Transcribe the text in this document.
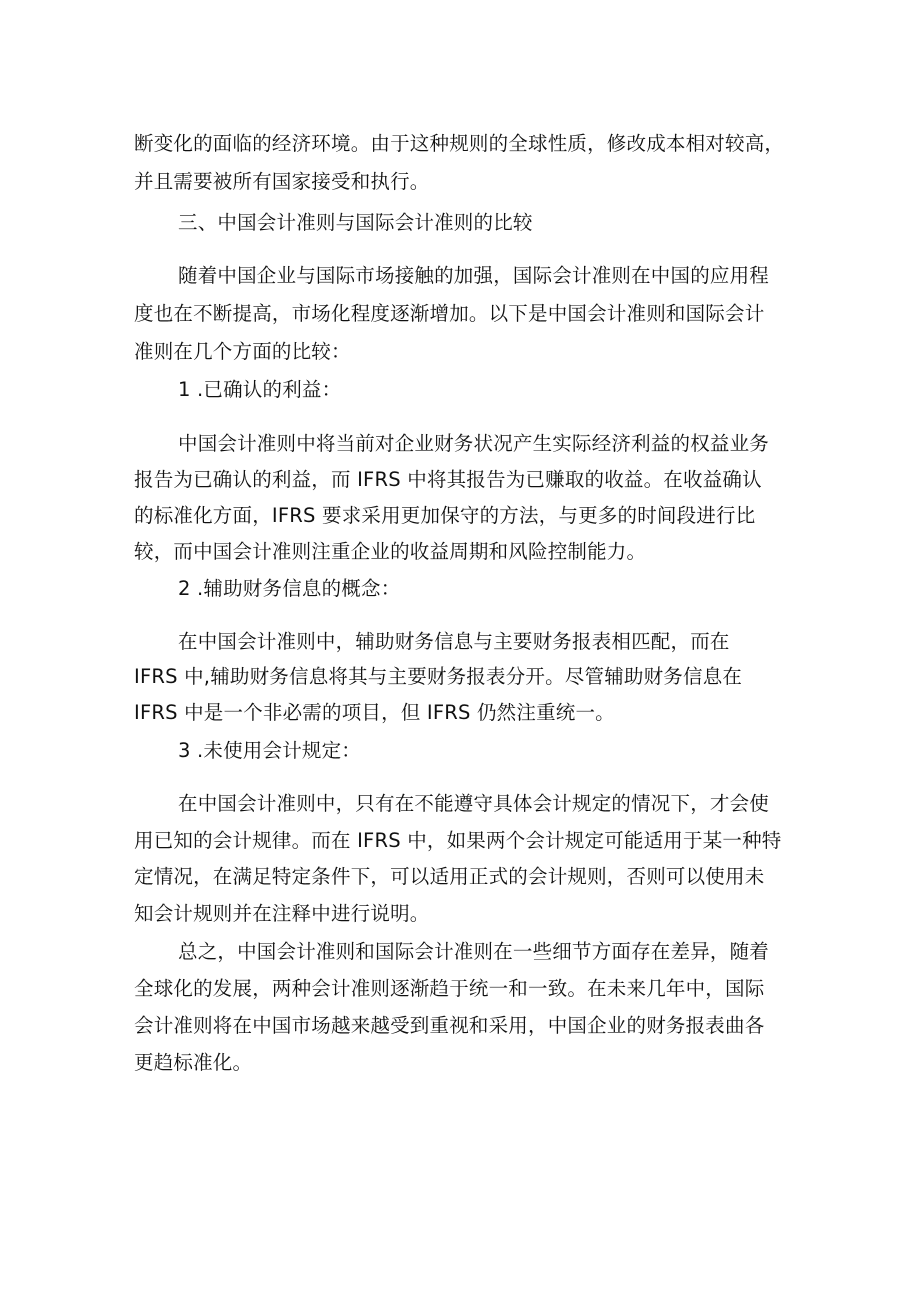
断变化的面临的经济环境。由于这种规则的全球性质，修改成本相对较高，
并且需要被所有国家接受和执行。
三、中国会计准则与国际会计准则的比较
随着中国企业与国际市场接触的加强，国际会计准则在中国的应用程
度也在不断提高，市场化程度逐渐增加。以下是中国会计准则和国际会计
准则在几个方面的比较：
1 .已确认的利益：
中国会计准则中将当前对企业财务状况产生实际经济利益的权益业务
报告为已确认的利益，而 IFRS 中将其报告为已赚取的收益。在收益确认
的标准化方面，IFRS 要求采用更加保守的方法，与更多的时间段进行比
较，而中国会计准则注重企业的收益周期和风险控制能力。
2 .辅助财务信息的概念：
在中国会计准则中，辅助财务信息与主要财务报表相匹配，而在
IFRS 中,辅助财务信息将其与主要财务报表分开。尽管辅助财务信息在
IFRS 中是一个非必需的项目，但 IFRS 仍然注重统一。
3 .未使用会计规定：
在中国会计准则中，只有在不能遵守具体会计规定的情况下，才会使
用已知的会计规律。而在 IFRS 中，如果两个会计规定可能适用于某一种特
定情况，在满足特定条件下，可以适用正式的会计规则，否则可以使用未
知会计规则并在注释中进行说明。
总之，中国会计准则和国际会计准则在一些细节方面存在差异，随着
全球化的发展，两种会计准则逐渐趋于统一和一致。在未来几年中，国际
会计准则将在中国市场越来越受到重视和采用，中国企业的财务报表曲各
更趋标准化。
